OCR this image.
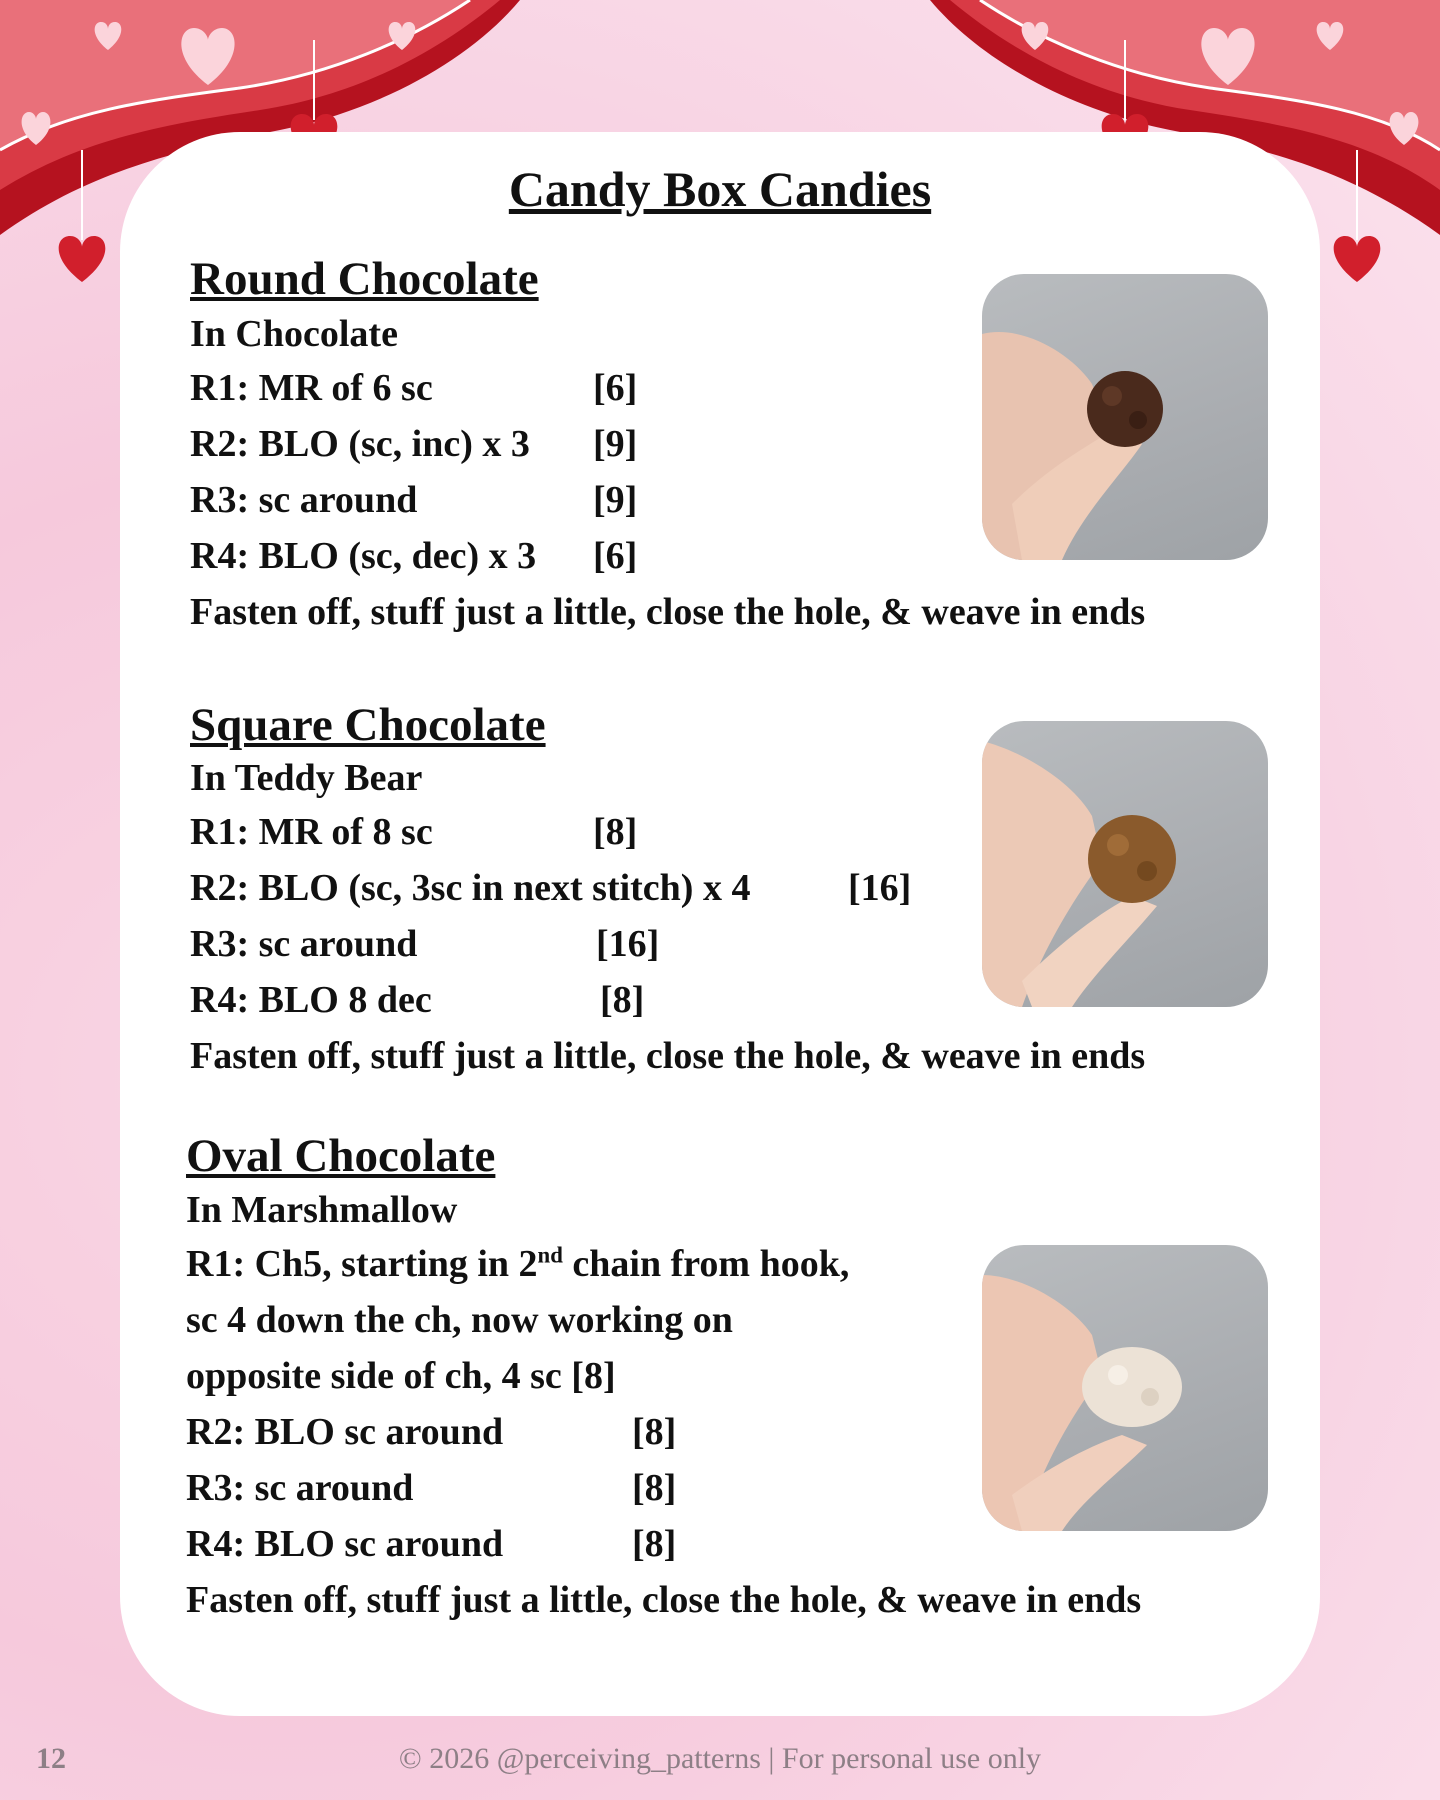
Candy Box Candies
Round Chocolate

In Chocolate

R1: MR of 6 sc	[6]

R2: BLO (sc, inc) x 3 [9]

R3: sc around	[9]

R4: BLO (sc, dec) x 3 [6]

Fasten off, stuff just a little, close the hole, & weave in ends

Square Chocolate

In Teddy Bear

R1: MR of 8 sc	[8]

R2: BLO (sc, 3sc in next stitch) x 4	[16]

R3: sc around	[16]

R4: BLO 8 dec	[8]

Fasten off, stuff just a little, close the hole, & weave in ends

Oval Chocolate

In Marshmallow

R1: Ch5, starting in 2nd chain from hook,

sc 4 down the ch, now working on

opposite side of ch, 4 sc [8]

R2: BLO sc around	[8]

R3: sc around	[8]

R4: BLO sc around	[8]

Fasten off, stuff just a little, close the hole, & weave in ends

12	© 2026 @perceiving_patterns | For personal use only
